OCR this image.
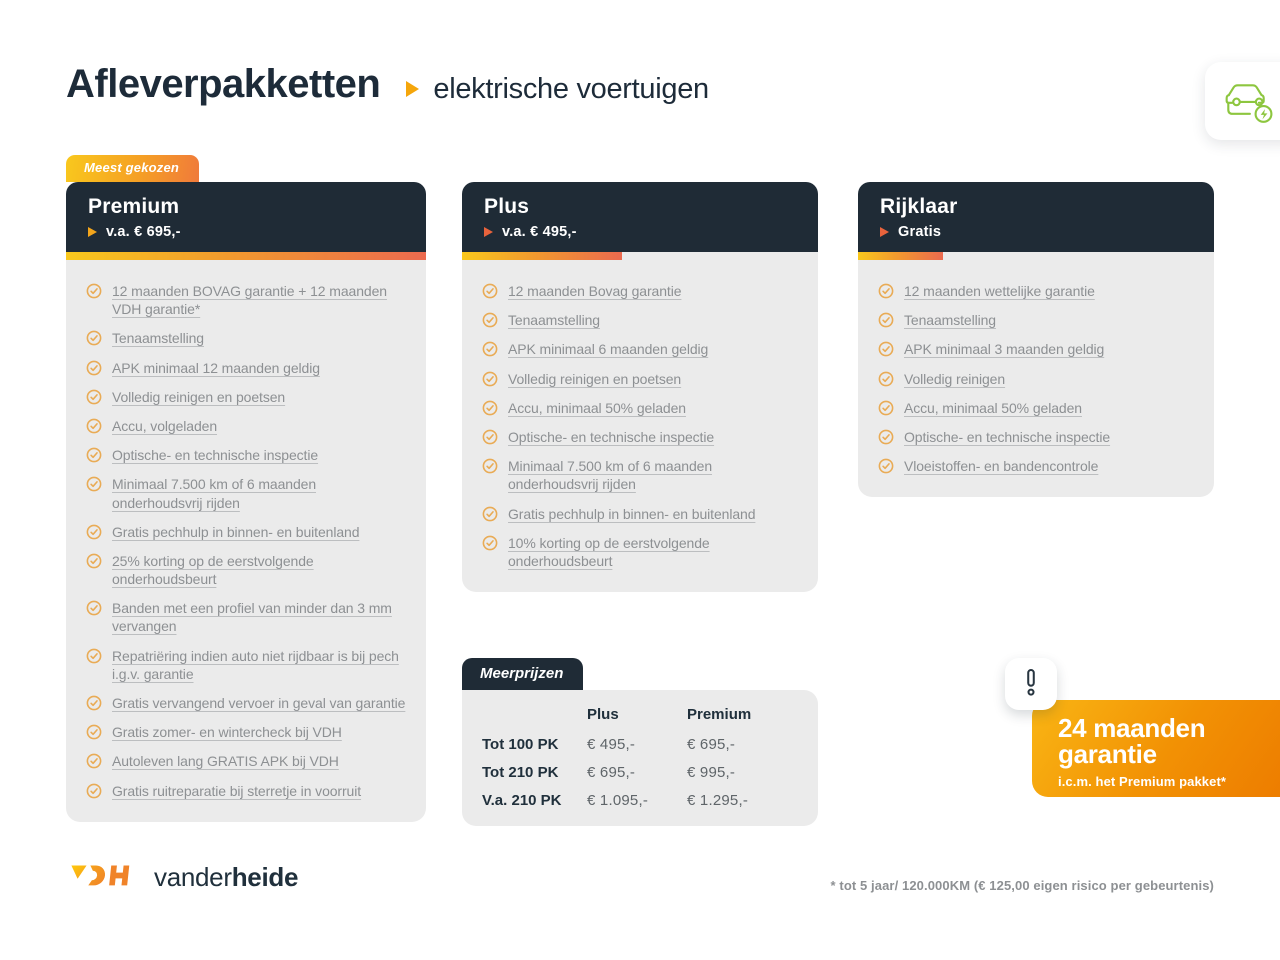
Afleverpakketten elektrische voertuigen
Meest gekozen
Premium
v.a. € 695,-
12 maanden BOVAG garantie + 12 maanden VDH garantie*
Tenaamstelling
APK minimaal 12 maanden geldig
Volledig reinigen en poetsen
Accu, volgeladen
Optische- en technische inspectie
Minimaal 7.500 km of 6 maanden onderhoudsvrij rijden
Gratis pechhulp in binnen- en buitenland
25% korting op de eerstvolgende onderhoudsbeurt
Banden met een profiel van minder dan 3 mm vervangen
Repatriëring indien auto niet rijdbaar is bij pech i.g.v. garantie
Gratis vervangend vervoer in geval van garantie
Gratis zomer- en wintercheck bij VDH
Autoleven lang GRATIS APK bij VDH
Gratis ruitreparatie bij sterretje in voorruit
Plus
v.a. € 495,-
12 maanden Bovag garantie
Tenaamstelling
APK minimaal 6 maanden geldig
Volledig reinigen en poetsen
Accu, minimaal 50% geladen
Optische- en technische inspectie
Minimaal 7.500 km of 6 maanden onderhoudsvrij rijden
Gratis pechhulp in binnen- en buitenland
10% korting op de eerstvolgende onderhoudsbeurt
Rijklaar
Gratis
12 maanden wettelijke garantie
Tenaamstelling
APK minimaal 3 maanden geldig
Volledig reinigen
Accu, minimaal 50% geladen
Optische- en technische inspectie
Vloeistoffen- en bandencontrole
Meerprijzen
Plus	Premium
Tot 100 PK	€ 495,-	€ 695,-
Tot 210 PK	€ 695,-	€ 995,-
V.a. 210 PK	€ 1.095,-	€ 1.295,-
24 maanden
garantie
i.c.m. het Premium pakket*
vanderheide	* tot 5 jaar/ 120.000KM (€ 125,00 eigen risico per gebeurtenis)
